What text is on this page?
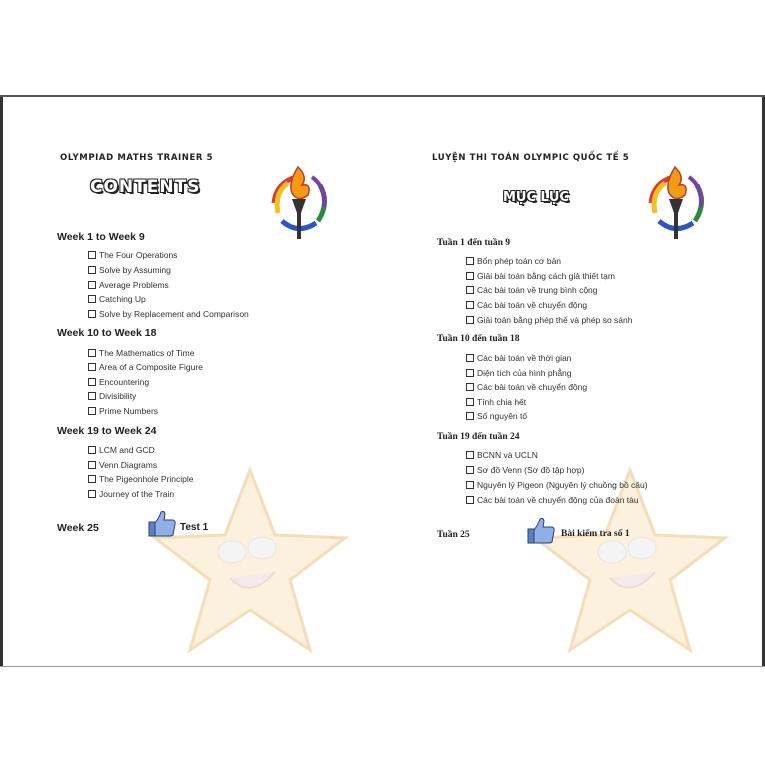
OLYMPIAD MATHS TRAINER 5
CONTENTS
Week 1 to Week 9
The Four Operations
Solve by Assuming
Average Problems
Catching Up
Solve by Replacement and Comparison
Week 10 to Week 18
The Mathematics of Time
Area of a Composite Figure
Encountering
Divisibility
Prime Numbers
Week 19 to Week 24
LCM and GCD
Venn Diagrams
The Pigeonhole Principle
Journey of the Train
Week 25	Test 1
LUYỆN THI TOÁN OLYMPIC QUỐC TẾ 5
MỤC LỤC
Tuần 1 đến tuần 9
Bốn phép toán cơ bản
Giải bài toán bằng cách giả thiết tạm
Các bài toán về trung bình cộng
Các bài toán về chuyển động
Giải toán bằng phép thế và phép so sánh
Tuần 10 đến tuần 18
Các bài toán về thời gian
Diện tích của hình phẳng
Các bài toán về chuyển động
Tính chia hết
Số nguyên tố
Tuần 19 đến tuần 24
BCNN và UCLN
Sơ đồ Venn (Sơ đồ tập hợp)
Nguyên lý Pigeon (Nguyên lý chuồng bồ câu)
Các bài toán về chuyển động của đoàn tàu
Tuần 25	Bài kiểm tra số 1
